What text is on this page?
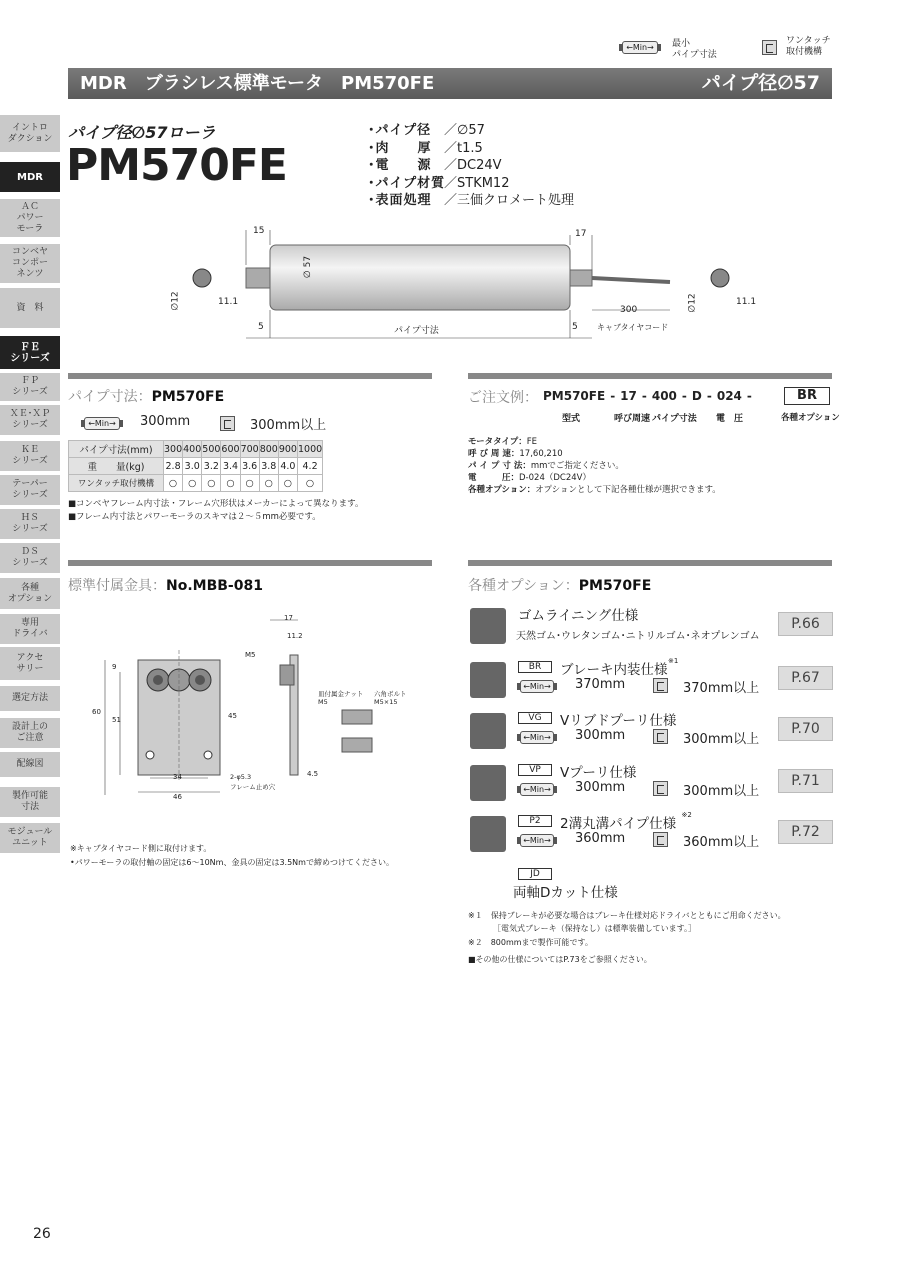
←Min→	最小
パイプ寸法
ワンタッチ
取付機構
MDR　ブラシレス標準モータ　PM570FE	パイプ径∅57
イントロ
ダクション
MDR
ＡＣ
パワー
モーラ
コンベヤ
コンポー
ネンツ
資　料
ＦＥ
シリーズ
ＦＰ
シリーズ
ＸＥ･ＸＰ
シリーズ
ＫＥ
シリーズ
テーパー
シリーズ
ＨＳ
シリーズ
ＤＳ
シリーズ
各種
オプション
専用
ドライバ
アクセ
サリー
選定方法
設計上の
ご注意
配線図
製作可能
寸法
モジュール
ユニット
パイプ径∅57ローラ
PM570FE
･パイプ径 ／∅57
･肉　　厚 ／t1.5
･電　　源 ／DC24V
･パイプ材質／STKM12
･表面処理 ／三価クロメート処理
15	17
∅ 57
∅12	11.1
5	パイプ寸法	5
300
キャブタイヤコード
∅12	11.1
パイプ寸法：PM570FE
←Min→	300mm	300mm以上
パイプ寸法(mm)	300	400	500	600	700	800	900	1000
重　　量(kg)	2.8	3.0	3.2	3.4	3.6	3.8	4.0	4.2
ワンタッチ取付機構	○	○	○	○	○	○	○	○
■コンベヤフレーム内寸法・フレーム穴形状はメーカーによって異なります。
■フレーム内寸法とパワーモーラのスキマは２〜５mm必要です。
ご注文例： PM570FE - 17 - 400 - D - 024 -	BR
型式	呼び周速 パイプ寸法 電　圧	各種オプション
モータタイプ：FE
呼 び 周 速：17,60,210
パ イ プ 寸 法：mmでご指定ください。
電　　　圧：D-024（DC24V）
各種オプション：オプションとして下記各種仕様が選択できます。
標準付属金具：No.MBB-081
17
11.2
M5
皿付属金ナット
M5
六角ボルト
M5×15
9
60
51	45
34
46
2-φ5.3
フレーム止め穴
4.5
※キャブタイヤコード側に取付けます。
•パワーモーラの取付軸の固定は6〜10Nm、金具の固定は3.5Nmで締めつけてください。
各種オプション：PM570FE
P.66
ゴムライニング仕様
天然ゴム･ウレタンゴム･ニトリルゴム･ネオプレンゴム
P.67
BR	ブレーキ内装仕様
※1
←Min→ 370mm	370mm以上
P.70
VG	Vリブドプーリ仕様
←Min→ 300mm	300mm以上
P.71
VP	Vプーリ仕様
←Min→ 300mm	300mm以上
P.72
P2	2溝丸溝パイプ仕様
※2
←Min→ 360mm	360mm以上
JD
両軸Dカット仕様
※１　保持ブレーキが必要な場合はブレーキ仕様対応ドライバとともにご用命ください。
［電気式ブレーキ（保持なし）は標準装備しています。］
※２　800mmまで製作可能です。
■その他の仕様についてはP.73をご参照ください。
26
